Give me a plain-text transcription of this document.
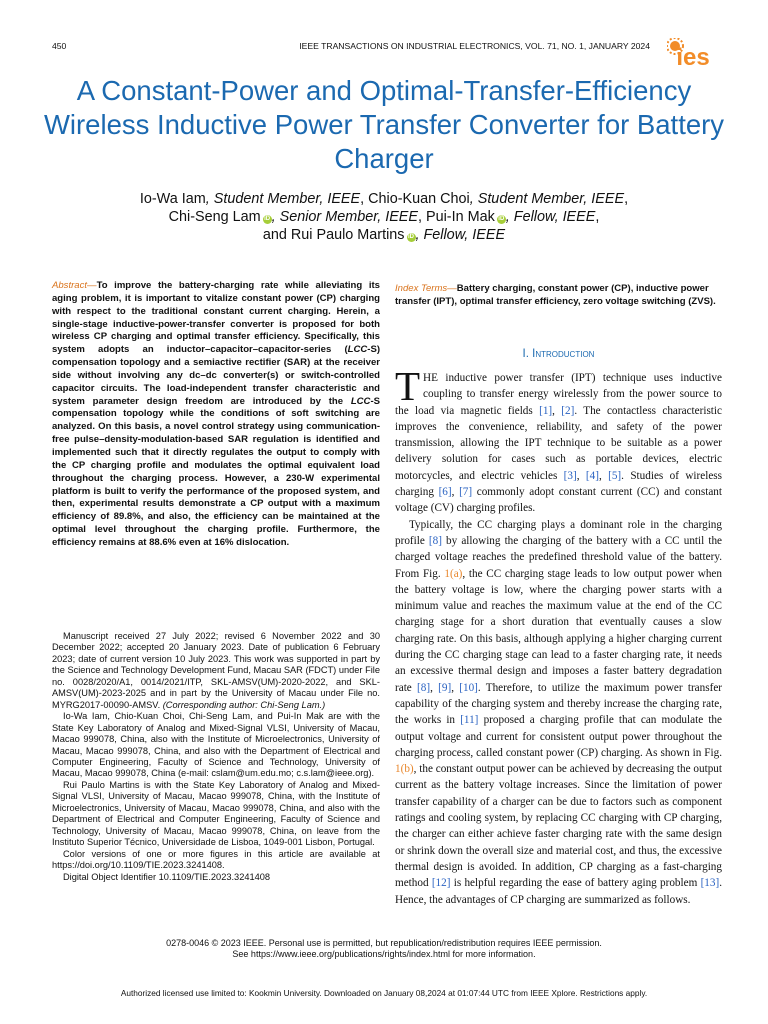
450	IEEE TRANSACTIONS ON INDUSTRIAL ELECTRONICS, VOL. 71, NO. 1, JANUARY 2024 ies
A Constant-Power and Optimal-Transfer-Efficiency Wireless Inductive Power Transfer Converter for Battery Charger
Io-Wa Iam, Student Member, IEEE, Chio-Kuan Choi, Student Member, IEEE,
Chi-Seng Lam iD , Senior Member, IEEE, Pui-In Mak iD , Fellow, IEEE,
and Rui Paulo Martins iD , Fellow, IEEE
Abstract—To improve the battery-charging rate while alleviating its aging problem, it is important to vitalize constant power (CP) charging with respect to the traditional constant current charging. Herein, a single-stage inductive-power-transfer converter is proposed for both wireless CP charging and optimal transfer efficiency. Specifically, this system adopts an inductor–capacitor–capacitor-series (LCC-S) compensation topology and a semiactive rectifier (SAR) at the receiver side without involving any dc–dc converter(s) or switch-controlled capacitor circuits. The load-independent transfer characteristic and system parameter design freedom are introduced by the LCC-S compensation topology while the conditions of soft switching are analyzed. On this basis, a novel control strategy using communication-free pulse–density-modulation-based SAR regulation is identified and implemented such that it directly regulates the output to comply with the CP charging profile and modulates the optimal equivalent load throughout the charging process. However, a 230-W experimental platform is built to verify the performance of the proposed system, and then, experimental results demonstrate a CP output with a maximum efficiency of 89.8%, and also, the efficiency can be maintained at the optimal level throughout the charging profile. Furthermore, the efficiency remains at 88.6% even at 16% dislocation.

Manuscript received 27 July 2022; revised 6 November 2022 and 30 December 2022; accepted 20 January 2023. Date of publication 6 February 2023; date of current version 10 July 2023. This work was supported in part by the Science and Technology Development Fund, Macau SAR (FDCT) under File no. 0028/2020/A1, 0014/2021/ITP, SKL-AMSV(UM)-2020-2022, and SKL-AMSV(UM)-2023-2025 and in part by the University of Macau under File no. MYRG2017-00090-AMSV. (Corresponding author: Chi-Seng Lam.)

Io-Wa Iam, Chio-Kuan Choi, Chi-Seng Lam, and Pui-In Mak are with the State Key Laboratory of Analog and Mixed-Signal VLSI, University of Macau, Macao 999078, China, also with the Institute of Microelectronics, University of Macau, Macao 999078, China, and also with the Department of Electrical and Computer Engineering, Faculty of Science and Technology, University of Macau, Macao 999078, China (e-mail: cslam@um.edu.mo; c.s.lam@ieee.org).

Rui Paulo Martins is with the State Key Laboratory of Analog and Mixed-Signal VLSI, University of Macau, Macao 999078, China, with the Institute of Microelectronics, University of Macau, Macao 999078, China, and also with the Department of Electrical and Computer Engineering, Faculty of Science and Technology, University of Macau, Macao 999078, China, on leave from the Instituto Superior Técnico, Universidade de Lisboa, 1049-001 Lisbon, Portugal.

Color versions of one or more figures in this article are available at https://doi.org/10.1109/TIE.2023.3241408.

Digital Object Identifier 10.1109/TIE.2023.3241408

Index Terms—Battery charging, constant power (CP), inductive power transfer (IPT), optimal transfer efficiency, zero voltage switching (ZVS).
I. Introduction

THE inductive power transfer (IPT) technique uses inductive coupling to transfer energy wirelessly from the power source to the load via magnetic fields [1], [2]. The contactless characteristic improves the convenience, reliability, and safety of the power transmission, allowing the IPT technique to be suitable as a power delivery solution for cases such as portable devices, electric motorcycles, and electric vehicles [3], [4], [5]. Studies of wireless charging [6], [7] commonly adopt constant current (CC) and constant voltage (CV) charging profiles.

Typically, the CC charging plays a dominant role in the charging profile [8] by allowing the charging of the battery with a CC until the charged voltage reaches the predefined threshold value of the battery. From Fig. 1(a), the CC charging stage leads to low output power when the battery voltage is low, where the charging power starts with a minimum value and reaches the maximum value at the end of the CC charging stage for a short duration that eventually causes a slow charging rate. On this basis, although applying a higher charging current during the CC charging stage can lead to a faster charging rate, it needs an excessive thermal design and imposes a faster battery degradation rate [8], [9], [10]. Therefore, to utilize the maximum power transfer capability of the charging system and thereby increase the charging rate, the works in [11] proposed a charging profile that can modulate the output voltage and current for consistent output power throughout the charging process, called constant power (CP) charging. As shown in Fig. 1(b), the constant output power can be achieved by decreasing the output current as the battery voltage increases. Since the limitation of power transfer capability of a charger can be due to factors such as component ratings and cooling system, by replacing CC charging with CP charging, the charger can either achieve faster charging rate with the same design or shrink down the overall size and material cost, and thus, the excessive thermal design is avoided. In addition, CP charging as a fast-charging method [12] is helpful regarding the ease of battery aging problem [13]. Hence, the advantages of CP charging are summarized as follows.

0278-0046 © 2023 IEEE. Personal use is permitted, but republication/redistribution requires IEEE permission.
See https://www.ieee.org/publications/rights/index.html for more information.
Authorized licensed use limited to: Kookmin University. Downloaded on January 08,2024 at 01:07:44 UTC from IEEE Xplore. Restrictions apply.
